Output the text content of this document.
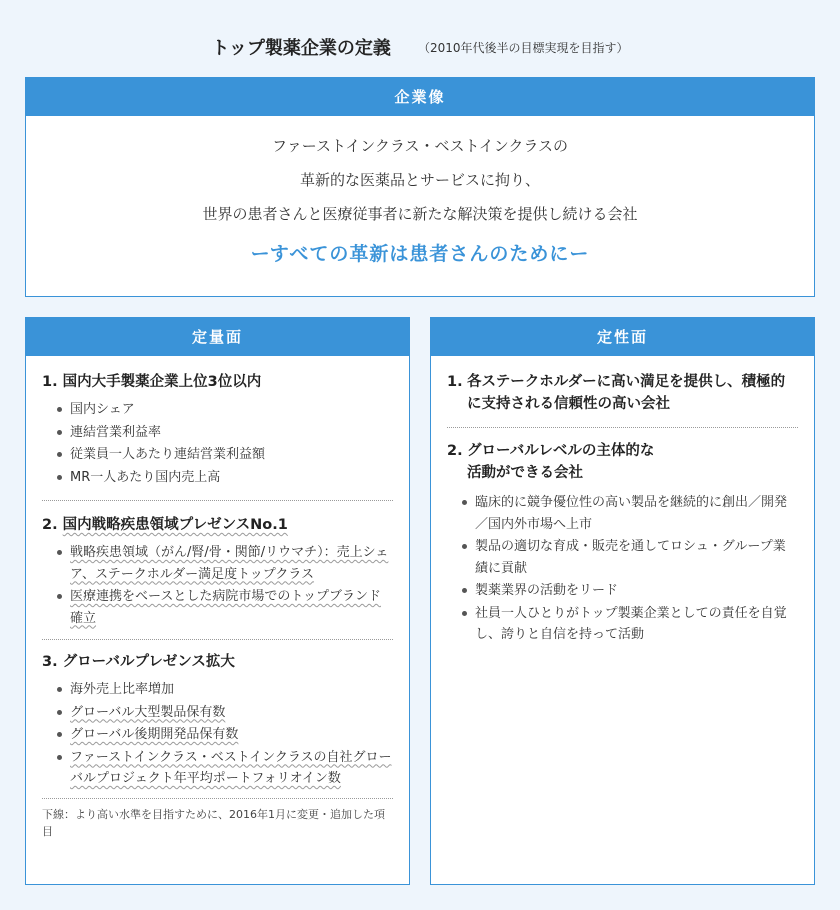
トップ製薬企業の定義 （2010年代後半の目標実現を目指す）
企業像
ファーストインクラス・ベストインクラスの
革新的な医薬品とサービスに拘り、
世界の患者さんと医療従事者に新たな解決策を提供し続ける会社
ーすべての革新は患者さんのためにー
定量面
1. 国内大手製薬企業上位3位以内
国内シェア
連結営業利益率
従業員一人あたり連結営業利益額
MR一人あたり国内売上高
2. 国内戦略疾患領域プレゼンスNo.1
戦略疾患領域（がん/腎/骨・関節/リウマチ）：売上シェア、ステークホルダー満足度トップクラス
医療連携をベースとした病院市場でのトップブランド確立
3. グローバルプレゼンス拡大
海外売上比率増加
グローバル大型製品保有数
グローバル後期開発品保有数
ファーストインクラス・ベストインクラスの自社グローバルプロジェクト年平均ポートフォリオイン数
下線：より高い水準を目指すために、2016年1月に変更・追加した項目
定性面
1. 各ステークホルダーに高い満足を提供し、積極的に支持される信頼性の高い会社
2. グローバルレベルの主体的な活動ができる会社
臨床的に競争優位性の高い製品を継続的に創出／開発／国内外市場へ上市
製品の適切な育成・販売を通してロシュ・グループ業績に貢献
製薬業界の活動をリード
社員一人ひとりがトップ製薬企業としての責任を自覚し、誇りと自信を持って活動
